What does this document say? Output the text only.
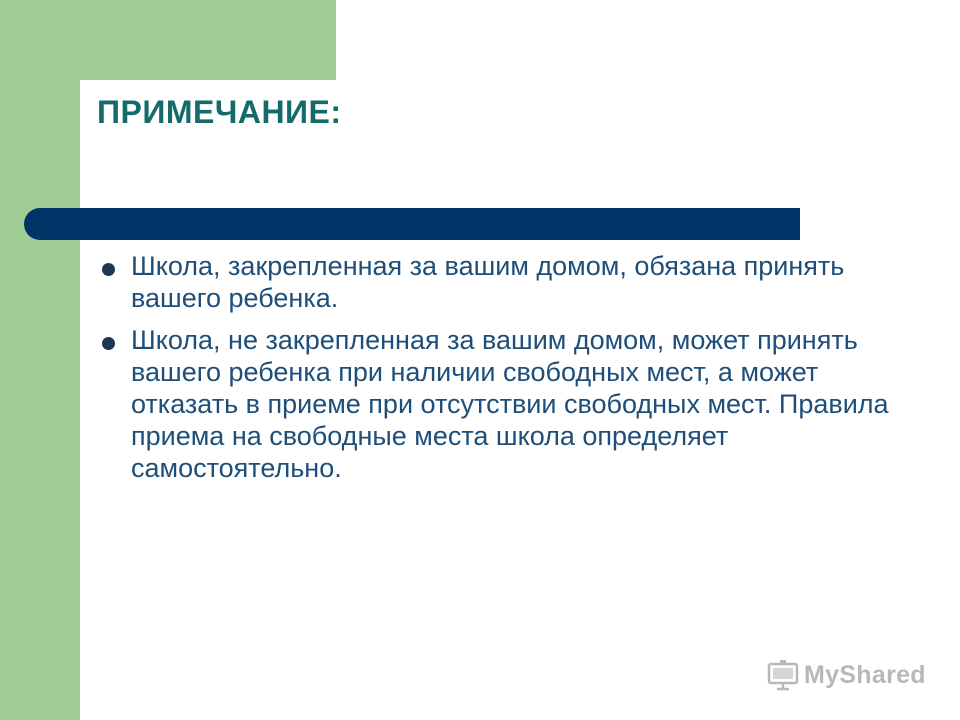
ПРИМЕЧАНИЕ:
Школа, закрепленная за вашим домом, обязана принять вашего ребенка.
Школа, не закрепленная за вашим домом, может принять вашего ребенка при наличии свободных мест, а может отказать в приеме при отсутствии свободных мест. Правила приема на свободные места школа определяет самостоятельно.
MyShared
